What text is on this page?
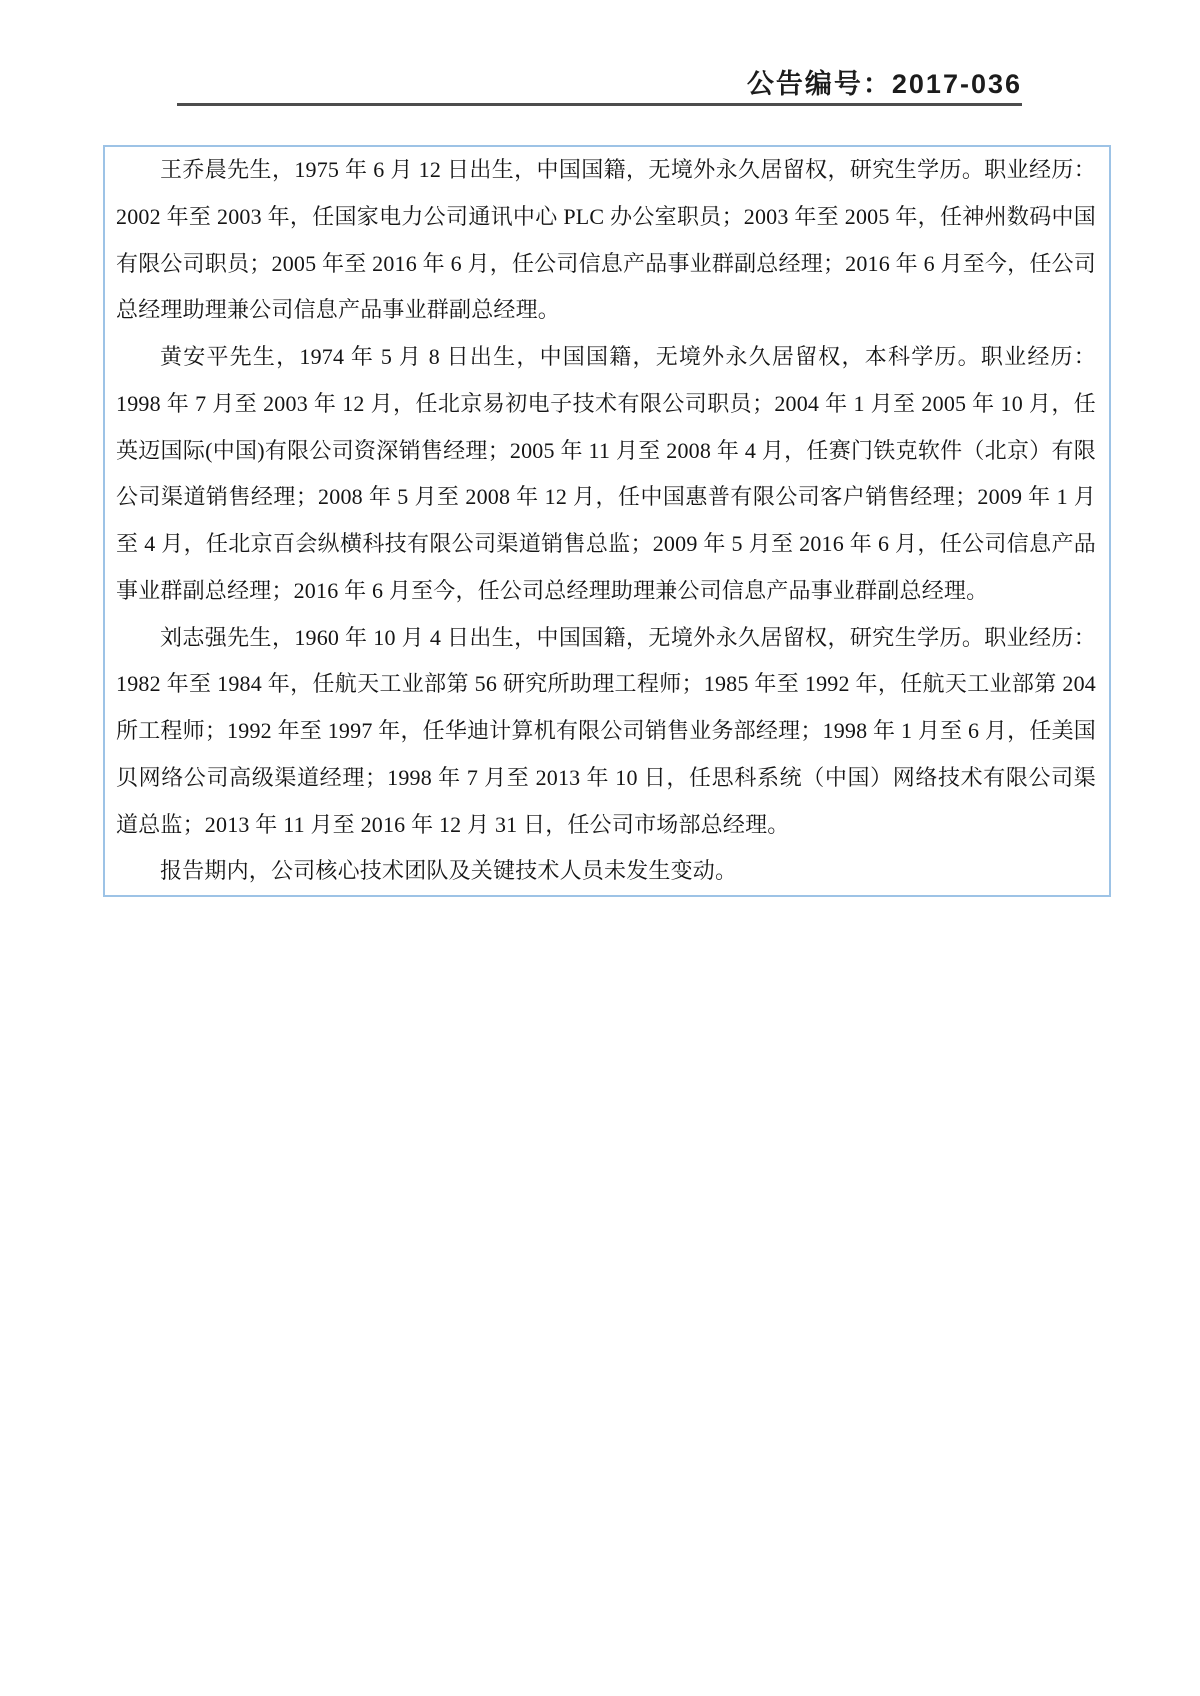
公告编号：2017-036

王乔晨先生，1975 年 6 月 12 日出生，中国国籍，无境外永久居留权，研究生学历。职业经历：2002 年至 2003 年，任国家电力公司通讯中心 PLC 办公室职员；2003 年至 2005 年，任神州数码中国有限公司职员；2005 年至 2016 年 6 月，任公司信息产品事业群副总经理；2016 年 6 月至今，任公司总经理助理兼公司信息产品事业群副总经理。

黄安平先生，1974 年 5 月 8 日出生，中国国籍，无境外永久居留权，本科学历。职业经历：1998 年 7 月至 2003 年 12 月，任北京易初电子技术有限公司职员；2004 年 1 月至 2005 年 10 月，任英迈国际(中国)有限公司资深销售经理；2005 年 11 月至 2008 年 4 月，任赛门铁克软件（北京）有限公司渠道销售经理；2008 年 5 月至 2008 年 12 月，任中国惠普有限公司客户销售经理；2009 年 1 月至 4 月，任北京百会纵横科技有限公司渠道销售总监；2009 年 5 月至 2016 年 6 月，任公司信息产品事业群副总经理；2016 年 6 月至今，任公司总经理助理兼公司信息产品事业群副总经理。

刘志强先生，1960 年 10 月 4 日出生，中国国籍，无境外永久居留权，研究生学历。职业经历：1982 年至 1984 年，任航天工业部第 56 研究所助理工程师；1985 年至 1992 年，任航天工业部第 204 所工程师；1992 年至 1997 年，任华迪计算机有限公司销售业务部经理；1998 年 1 月至 6 月，任美国贝网络公司高级渠道经理；1998 年 7 月至 2013 年 10 日，任思科系统（中国）网络技术有限公司渠道总监；2013 年 11 月至 2016 年 12 月 31 日，任公司市场部总经理。

报告期内，公司核心技术团队及关键技术人员未发生变动。
